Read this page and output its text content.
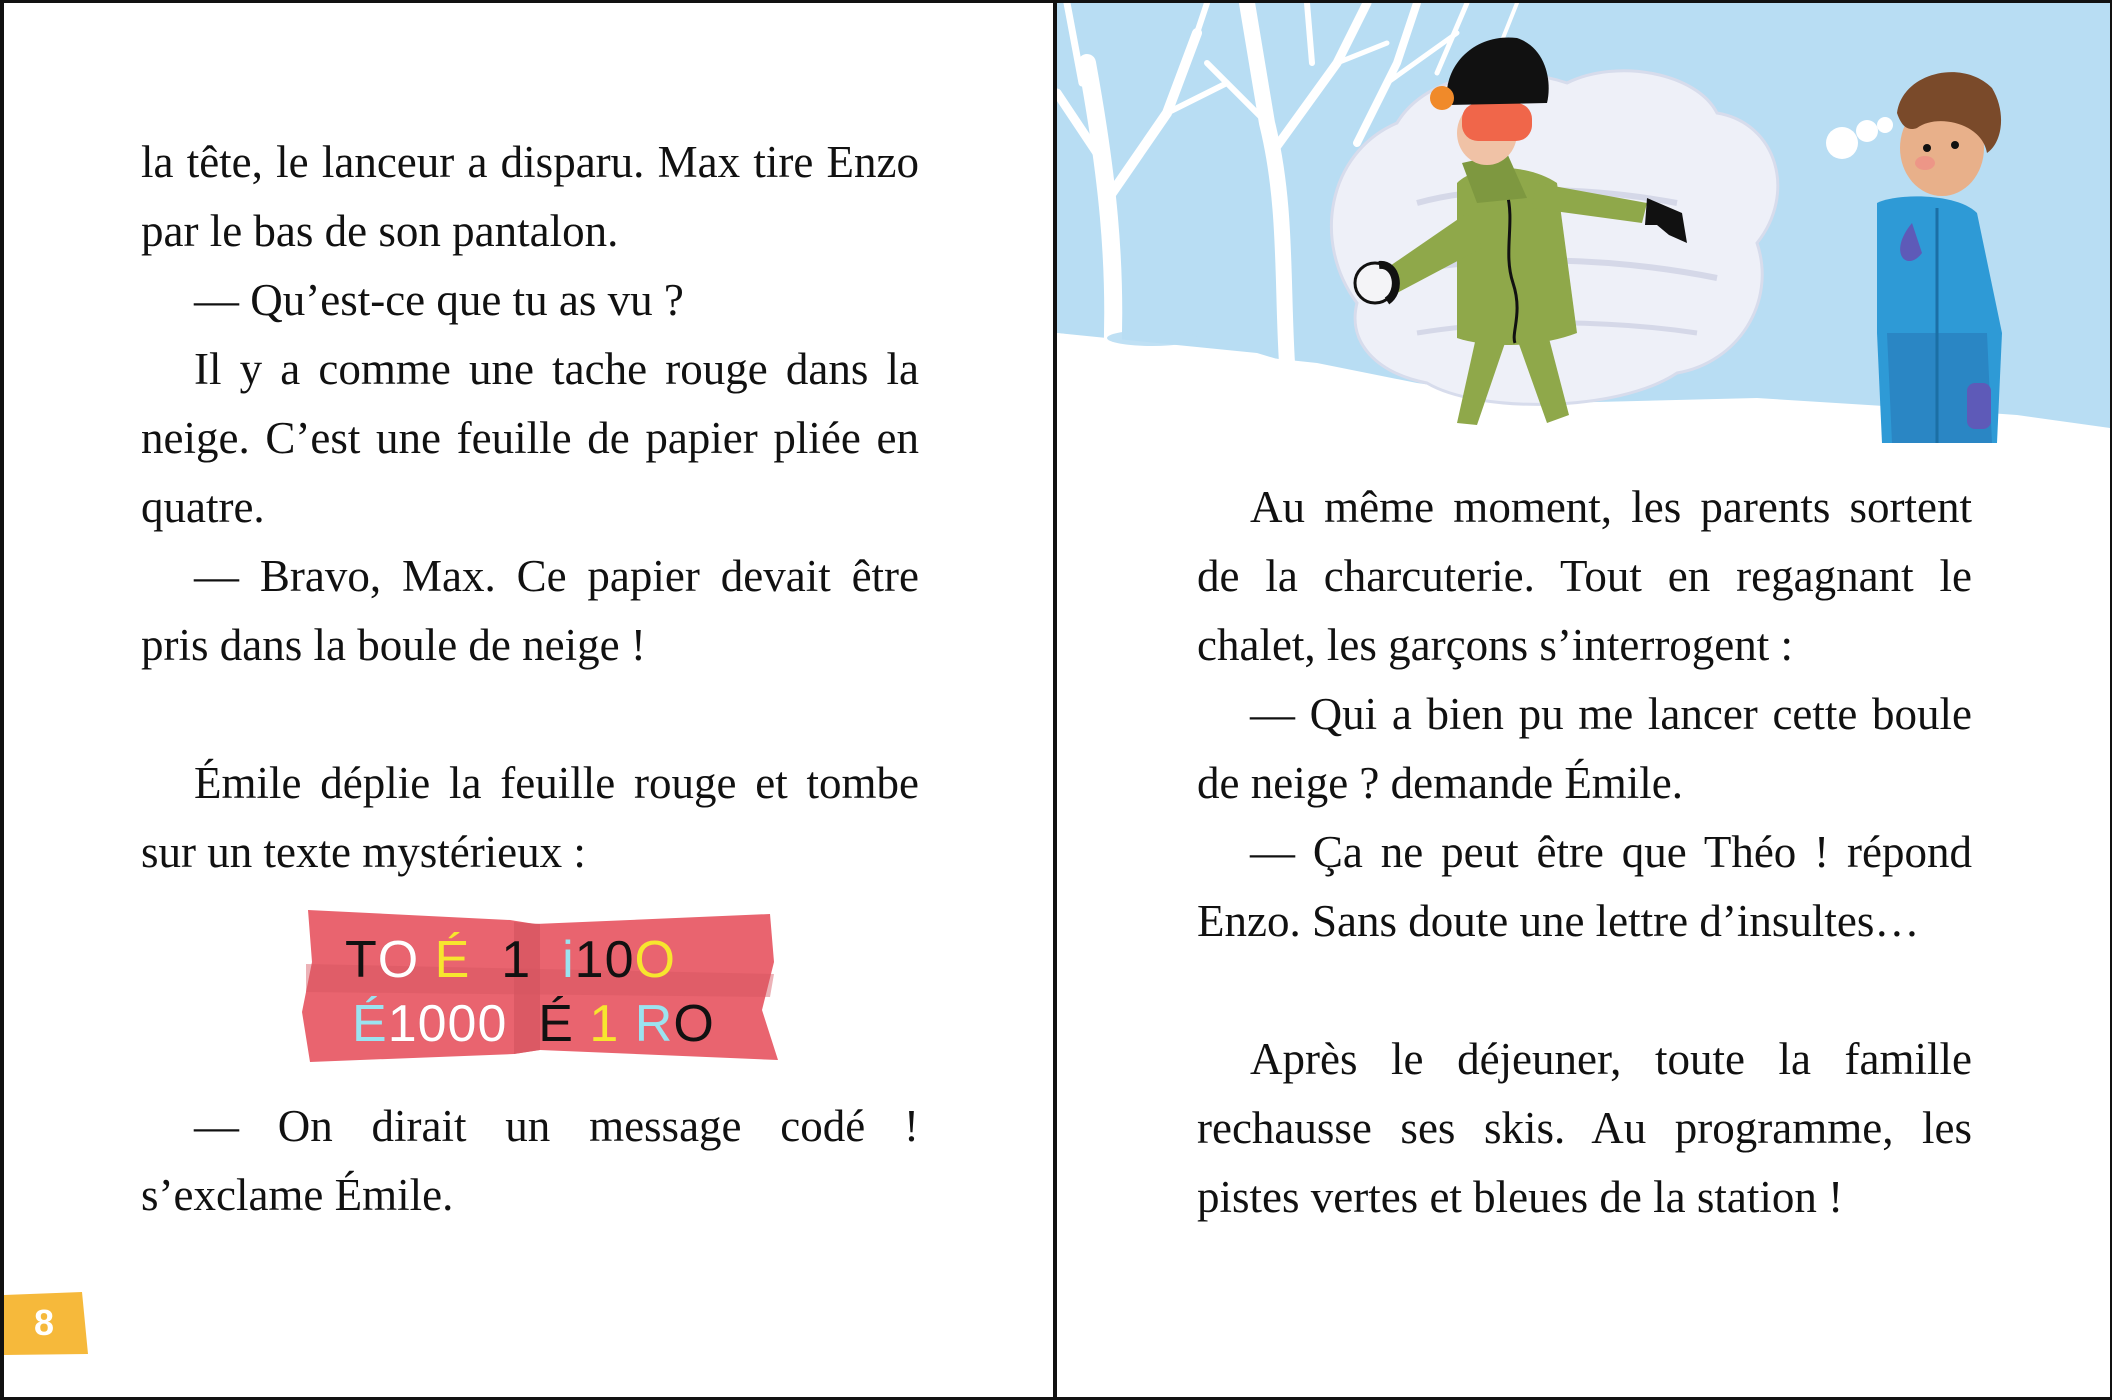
la tête, le lanceur a disparu. Max tire Enzo par le bas de son pantalon.

— Qu’est-ce que tu as vu ?

Il y a comme une tache rouge dans la neige. C’est une feuille de papier pliée en quatre.

— Bravo, Max. Ce papier devait être pris dans la boule de neige !

Émile déplie la feuille rouge et tombe sur un texte mystérieux :

TO É 1 i10O
É1000 É 1 RO

— On dirait un message codé ! s’exclame Émile.

8

Au même moment, les parents sortent de la charcuterie. Tout en regagnant le chalet, les garçons s’interrogent :

— Qui a bien pu me lancer cette boule de neige ? demande Émile.

— Ça ne peut être que Théo ! répond Enzo. Sans doute une lettre d’insultes…

Après le déjeuner, toute la famille rechausse ses skis. Au programme, les pistes vertes et bleues de la station !
